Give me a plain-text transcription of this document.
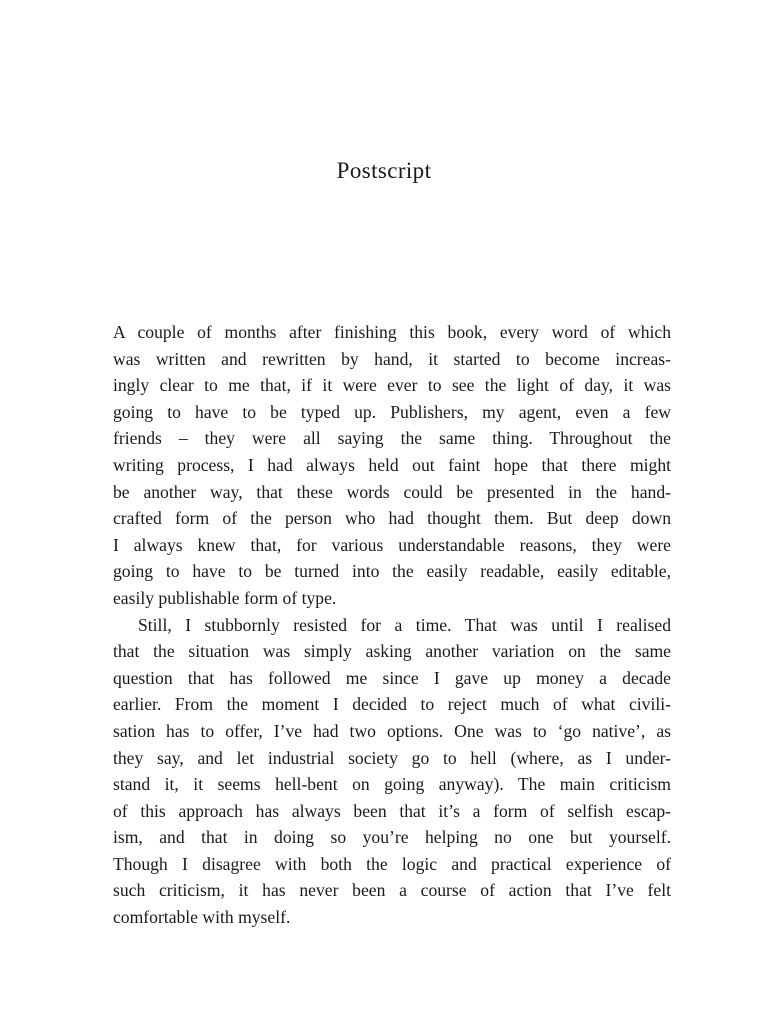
Postscript
A couple of months after finishing this book, every word of which
was written and rewritten by hand, it started to become increas-
ingly clear to me that, if it were ever to see the light of day, it was
going to have to be typed up. Publishers, my agent, even a few
friends – they were all saying the same thing. Throughout the
writing process, I had always held out faint hope that there might
be another way, that these words could be presented in the hand-
crafted form of the person who had thought them. But deep down
I always knew that, for various understandable reasons, they were
going to have to be turned into the easily readable, easily editable,
easily publishable form of type.
Still, I stubbornly resisted for a time. That was until I realised
that the situation was simply asking another variation on the same
question that has followed me since I gave up money a decade
earlier. From the moment I decided to reject much of what civili-
sation has to offer, I’ve had two options. One was to ‘go native’, as
they say, and let industrial society go to hell (where, as I under-
stand it, it seems hell-bent on going anyway). The main criticism
of this approach has always been that it’s a form of selfish escap-
ism, and that in doing so you’re helping no one but yourself.
Though I disagree with both the logic and practical experience of
such criticism, it has never been a course of action that I’ve felt
comfortable with myself.
